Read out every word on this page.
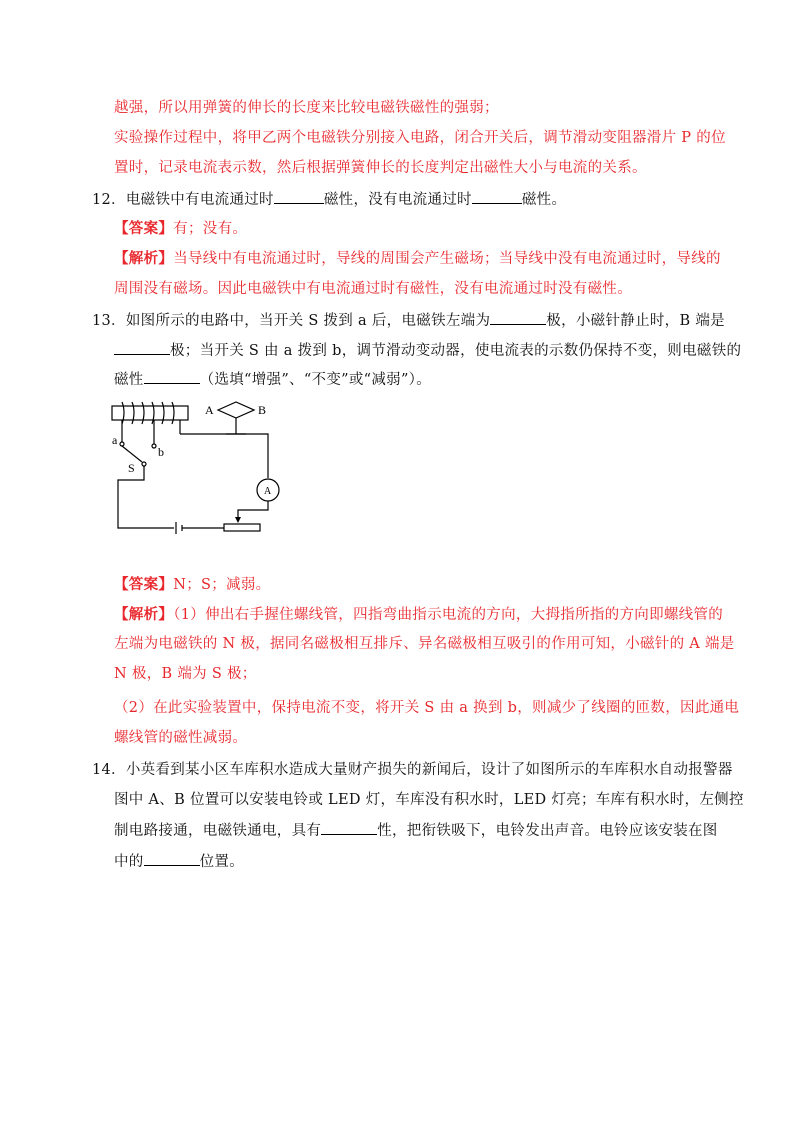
越强，所以用弹簧的伸长的长度来比较电磁铁磁性的强弱；
实验操作过程中，将甲乙两个电磁铁分别接入电路，闭合开关后，调节滑动变阻器滑片 P 的位
置时，记录电流表示数，然后根据弹簧伸长的长度判定出磁性大小与电流的关系。
12．电磁铁中有电流通过时	磁性，没有电流通过时	磁性。
【答案】有；没有。
【解析】当导线中有电流通过时，导线的周围会产生磁场；当导线中没有电流通过时，导线的
周围没有磁场。因此电磁铁中有电流通过时有磁性，没有电流通过时没有磁性。
13．如图所示的电路中，当开关 S 拨到 a 后，电磁铁左端为	极，小磁针静止时，B 端是
极；当开关 S 由 a 拨到 b，调节滑动变动器，使电流表的示数仍保持不变，则电磁铁的
磁性	（选填“增强”、“不变”或“减弱”）。
A	B
a
b
S
A
【答案】N；S；减弱。
【解析】（1）伸出右手握住螺线管，四指弯曲指示电流的方向，大拇指所指的方向即螺线管的
左端为电磁铁的 N 极，据同名磁极相互排斥、异名磁极相互吸引的作用可知，小磁针的 A 端是
N 极，B 端为 S 极；
（2）在此实验装置中，保持电流不变，将开关 S 由 a 换到 b，则减少了线圈的匝数，因此通电
螺线管的磁性减弱。
14．小英看到某小区车库积水造成大量财产损失的新闻后，设计了如图所示的车库积水自动报警器
图中 A、B 位置可以安装电铃或 LED 灯，车库没有积水时，LED 灯亮；车库有积水时，左侧控
制电路接通，电磁铁通电，具有	性，把衔铁吸下，电铃发出声音。电铃应该安装在图
中的	位置。
